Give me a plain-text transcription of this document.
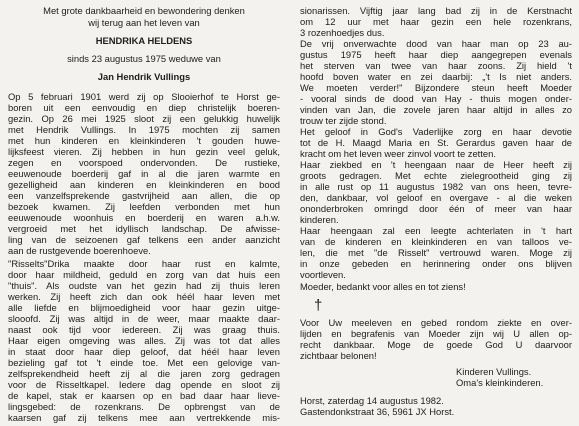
Met grote dankbaarheid en bewondering denken
wij terug aan het leven van
HENDRIKA HELDENS
sinds 23 augustus 1975 weduwe van
Jan Hendrik Vullings
Op 5 februari 1901 werd zij op Slooierhof te Horst ge-
boren uit een eenvoudig en diep christelijk boeren-
gezin. Op 26 mei 1925 sloot zij een gelukkig huwelijk
met Hendrik Vullings. In 1975 mochten zij samen
met hun kinderen en kleinkinderen 't gouden huwe-
lijksfeest vieren. Zij hebben in hun gezin veel geluk,
zegen en voorspoed ondervonden. De rustieke,
eeuwenoude boerderij gaf in al die jaren warmte en
gezelligheid aan kinderen en kleinkinderen en bood
een vanzelfsprekende gastvrijheid aan allen, die op
bezoek kwamen. Zij leefden verbonden met hun
eeuwenoude woonhuis en boerderij en waren a.h.w.
vergroeid met het idyllisch landschap. De afwisse-
ling van de seizoenen gaf telkens een ander aanzicht
aan de rustgevende boerenhoeve.
"Risselts"Drika maakte door haar rust en kalmte,
door haar mildheid, geduld en zorg van dat huis een
"thuis". Als oudste van het gezin had zij thuis leren
werken. Zij heeft zich dan ook héél haar leven met
alle liefde en blijmoedigheid voor haar gezin uitge-
slooofd. Zij was altijd in de weer, maar maakte daar-
naast ook tijd voor iedereen. Zij was graag thuis.
Haar eigen omgeving was alles. Zij was tot dat alles
in staat door haar diep geloof, dat héél haar leven
bezieling gaf tot 't einde toe. Met een gelovige van-
zelfsprekendheid heeft zij al die jaren zorg gedragen
voor de Risseltkapel. Iedere dag opende en sloot zij
de kapel, stak er kaarsen op en bad daar haar lieve-
lingsgebed: de rozenkrans. De opbrengst van de
kaarsen gaf zij telkens mee aan vertrekkende mis-
sionarissen. Vijftig jaar lang bad zij in de Kerstnacht
om 12 uur met haar gezin een hele rozenkrans,
3 rozenhoedjes dus.
De vrij onverwachte dood van haar man op 23 au-
gustus 1975 heeft haar diep aangegrepen evenals
het sterven van twee van haar zoons. Zij hield 't
hoofd boven water en zei daarbij: „'t Is niet anders.
We moeten verder!" Bijzondere steun heeft Moeder
- vooral sinds de dood van Hay - thuis mogen onder-
vinden van Jan, die zovele jaren haar altijd in alles zo
trouw ter zijde stond.
Het geloof in God's Vaderlijke zorg en haar devotie
tot de H. Maagd Maria en St. Gerardus gaven haar de
kracht om het leven weer zinvol voort te zetten.
Haar ziekbed en 't heengaan naar de Heer heeft zij
groots gedragen. Met echte zielegrootheid ging zij
in alle rust op 11 augustus 1982 van ons heen, tevre-
den, dankbaar, vol geloof en overgave - al die weken
ononderbroken omringd door één of meer van haar
kinderen.
Haar heengaan zal een leegte achterlaten in 't hart
van de kinderen en kleinkinderen en van talloos ve-
len, die met "de Risselt" vertrouwd waren. Moge zij
in onze gebeden en herinnering onder ons blijven
voortleven.
Moeder, bedankt voor alles en tot ziens!
†
Voor Uw meeleven en gebed rondom ziekte en over-
lijden en begrafenis van Moeder zijn wij U allen op-
recht dankbaar. Moge de goede God U daarvoor
zichtbaar belonen!
Kinderen Vullings.
Oma's kleinkinderen.
Horst, zaterdag 14 augustus 1982.
Gastendonkstraat 36, 5961 JX Horst.
